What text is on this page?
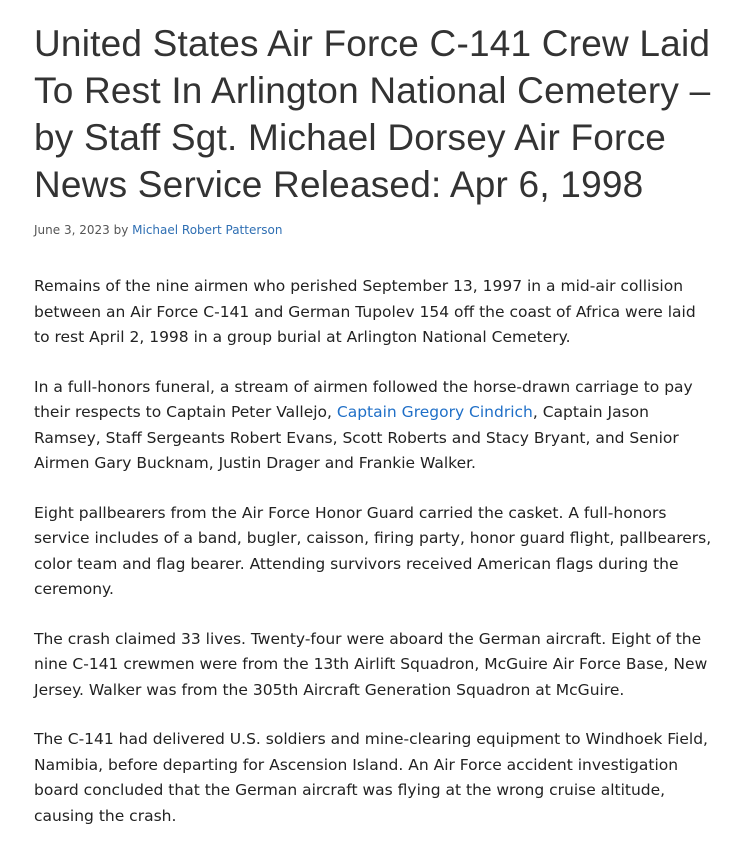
United States Air Force C-141 Crew Laid To Rest In Arlington National Cemetery – by Staff Sgt. Michael Dorsey Air Force News Service Released: Apr 6, 1998
June 3, 2023 by Michael Robert Patterson

Remains of the nine airmen who perished September 13, 1997 in a mid-air collision between an Air Force C-141 and German Tupolev 154 off the coast of Africa were laid to rest April 2, 1998 in a group burial at Arlington National Cemetery.

In a full-honors funeral, a stream of airmen followed the horse-drawn carriage to pay their respects to Captain Peter Vallejo, Captain Gregory Cindrich, Captain Jason Ramsey, Staff Sergeants Robert Evans, Scott Roberts and Stacy Bryant, and Senior Airmen Gary Bucknam, Justin Drager and Frankie Walker.

Eight pallbearers from the Air Force Honor Guard carried the casket. A full-honors service includes of a band, bugler, caisson, firing party, honor guard flight, pallbearers, color team and flag bearer. Attending survivors received American flags during the ceremony.

The crash claimed 33 lives. Twenty-four were aboard the German aircraft. Eight of the nine C-141 crewmen were from the 13th Airlift Squadron, McGuire Air Force Base, New Jersey. Walker was from the 305th Aircraft Generation Squadron at McGuire.

The C-141 had delivered U.S. soldiers and mine-clearing equipment to Windhoek Field, Namibia, before departing for Ascension Island. An Air Force accident investigation board concluded that the German aircraft was flying at the wrong cruise altitude, causing the crash.
